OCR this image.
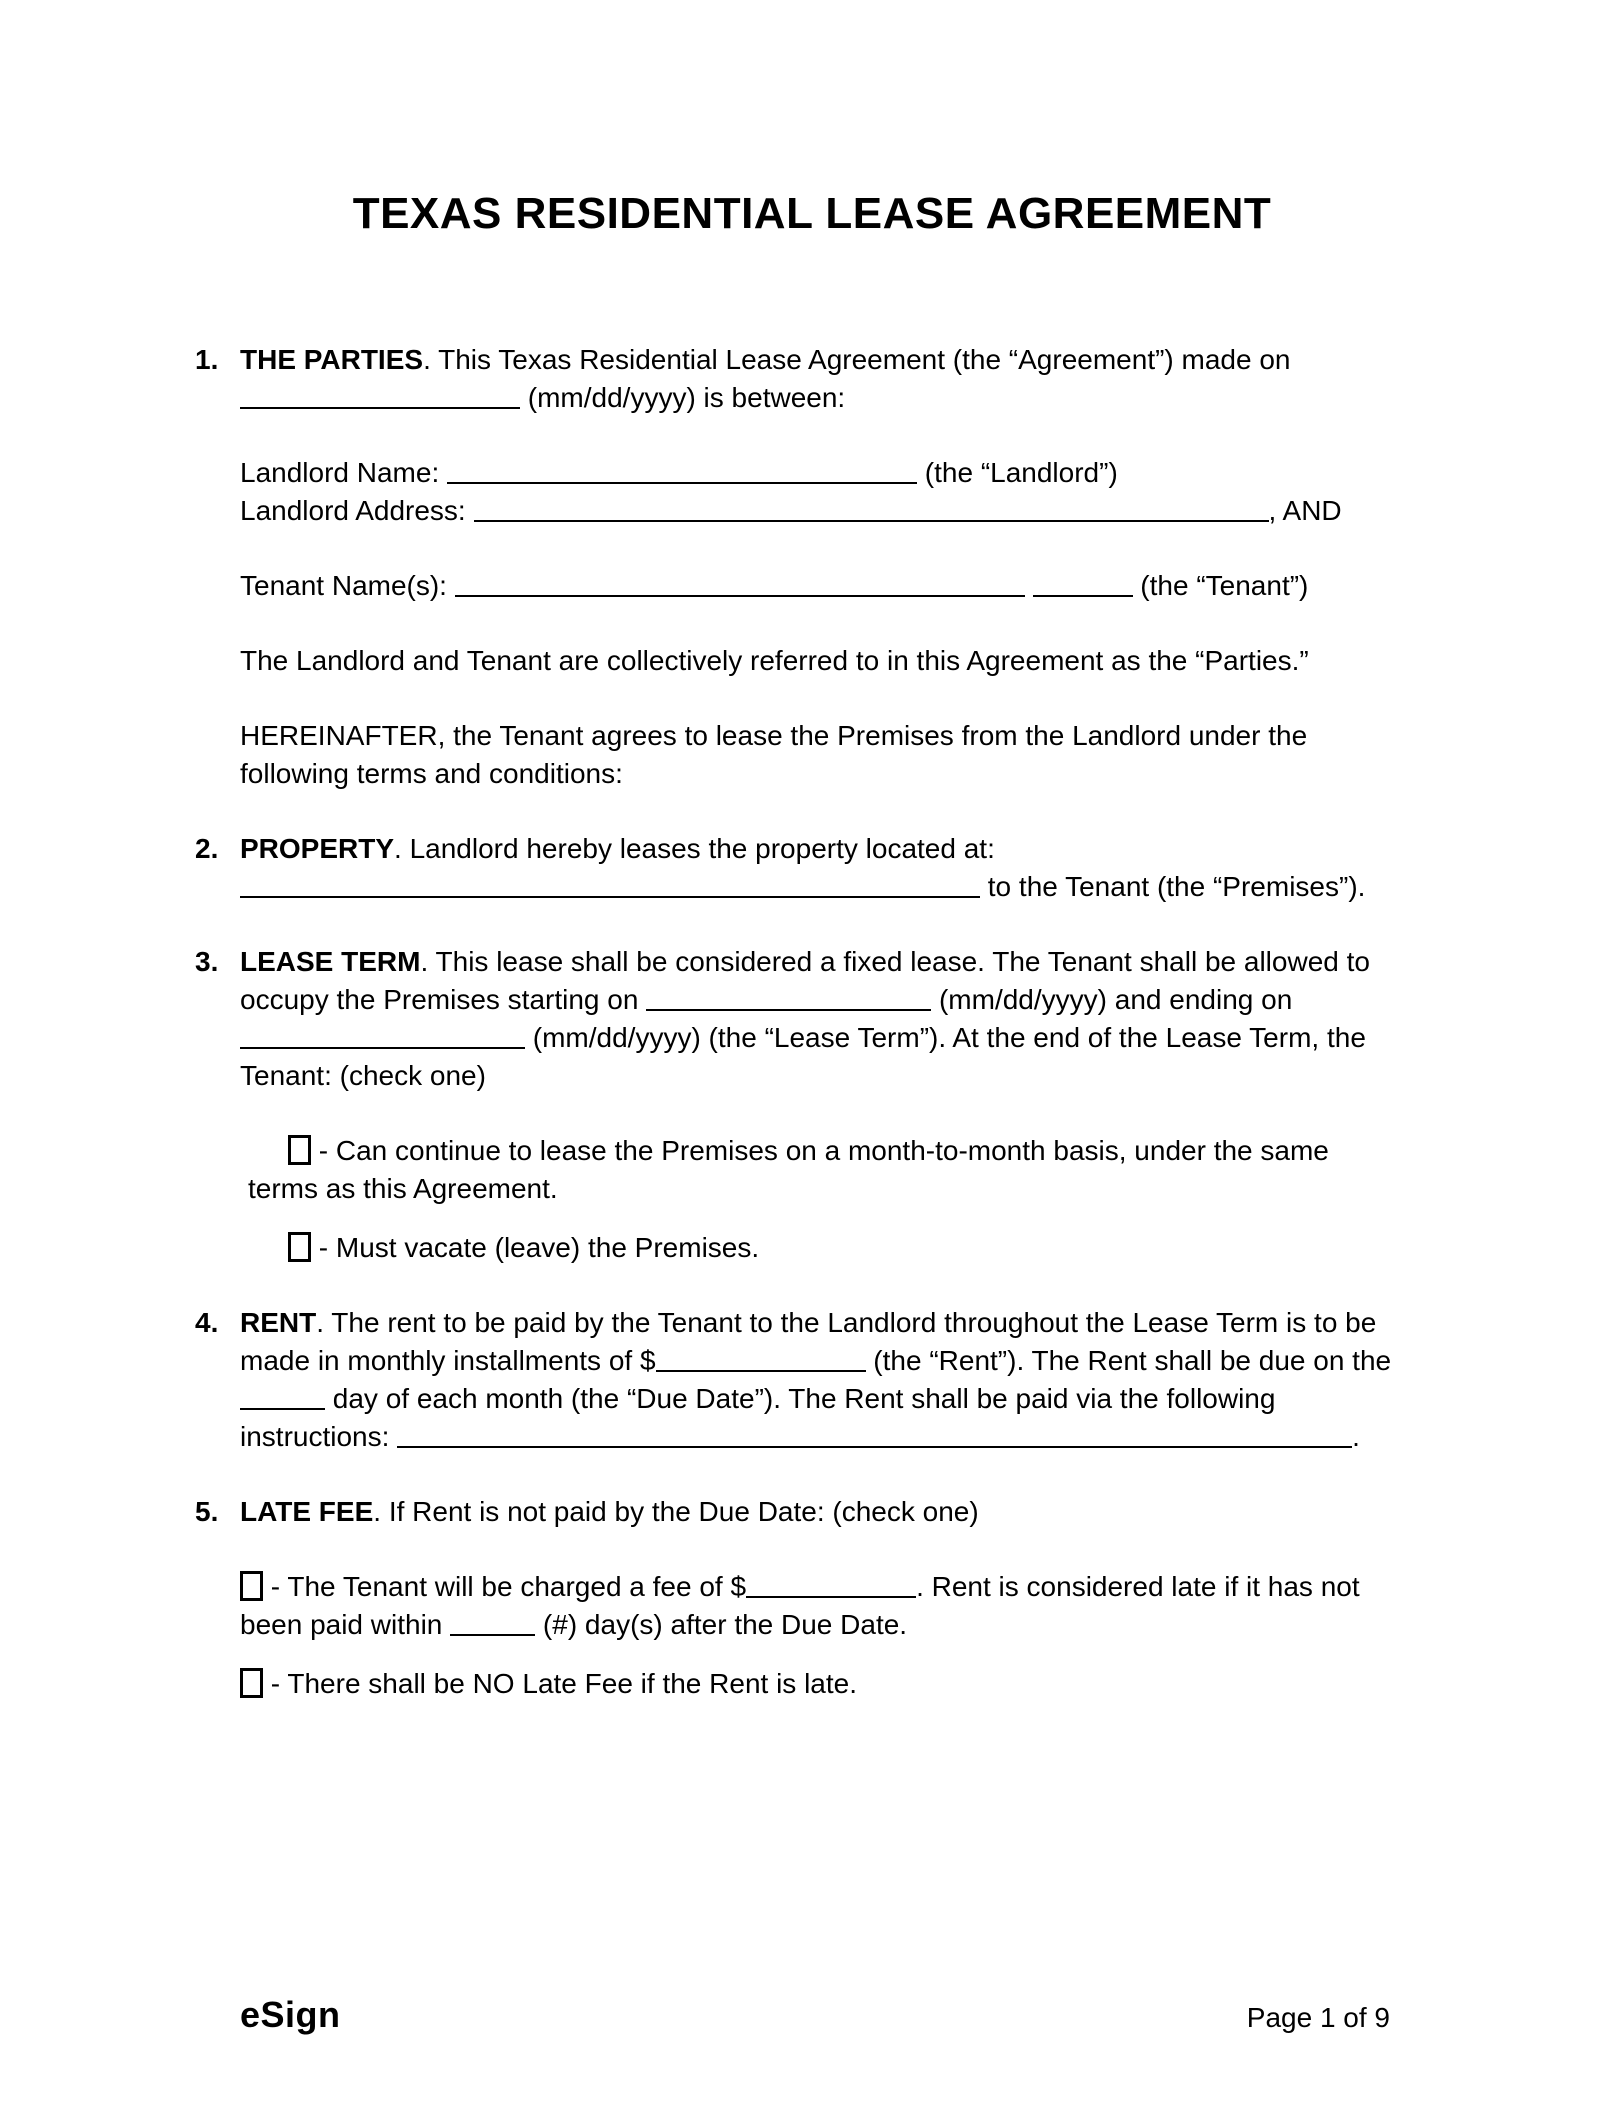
TEXAS RESIDENTIAL LEASE AGREEMENT
1. THE PARTIES. This Texas Residential Lease Agreement (the “Agreement”) made on  (mm/dd/yyyy) is between:

Landlord Name:	(the “Landlord”)

Landlord Address:	, AND

Tenant Name(s):	(the “Tenant”)

The Landlord and Tenant are collectively referred to in this Agreement as the “Parties.”

HEREINAFTER, the Tenant agrees to lease the Premises from the Landlord under the following terms and conditions:

2. PROPERTY. Landlord hereby leases the property located at:  to the Tenant (the “Premises”).

3. LEASE TERM. This lease shall be considered a fixed lease. The Tenant shall be allowed to occupy the Premises starting on	(mm/dd/yyyy) and ending on  (mm/dd/yyyy) (the “Lease Term”). At the end of the Lease Term, the Tenant: (check one)

- Can continue to lease the Premises on a month-to-month basis, under the same terms as this Agreement.

- Must vacate (leave) the Premises.

4. RENT. The rent to be paid by the Tenant to the Landlord throughout the Lease Term is to be made in monthly installments of $	(the “Rent”). The Rent shall be due on the  day of each month (the “Due Date”). The Rent shall be paid via the following instructions:	.

5. LATE FEE. If Rent is not paid by the Due Date: (check one)

- The Tenant will be charged a fee of $	. Rent is considered late if it has not been paid within	(#) day(s) after the Due Date.

- There shall be NO Late Fee if the Rent is late.

eSign	Page 1 of 9
